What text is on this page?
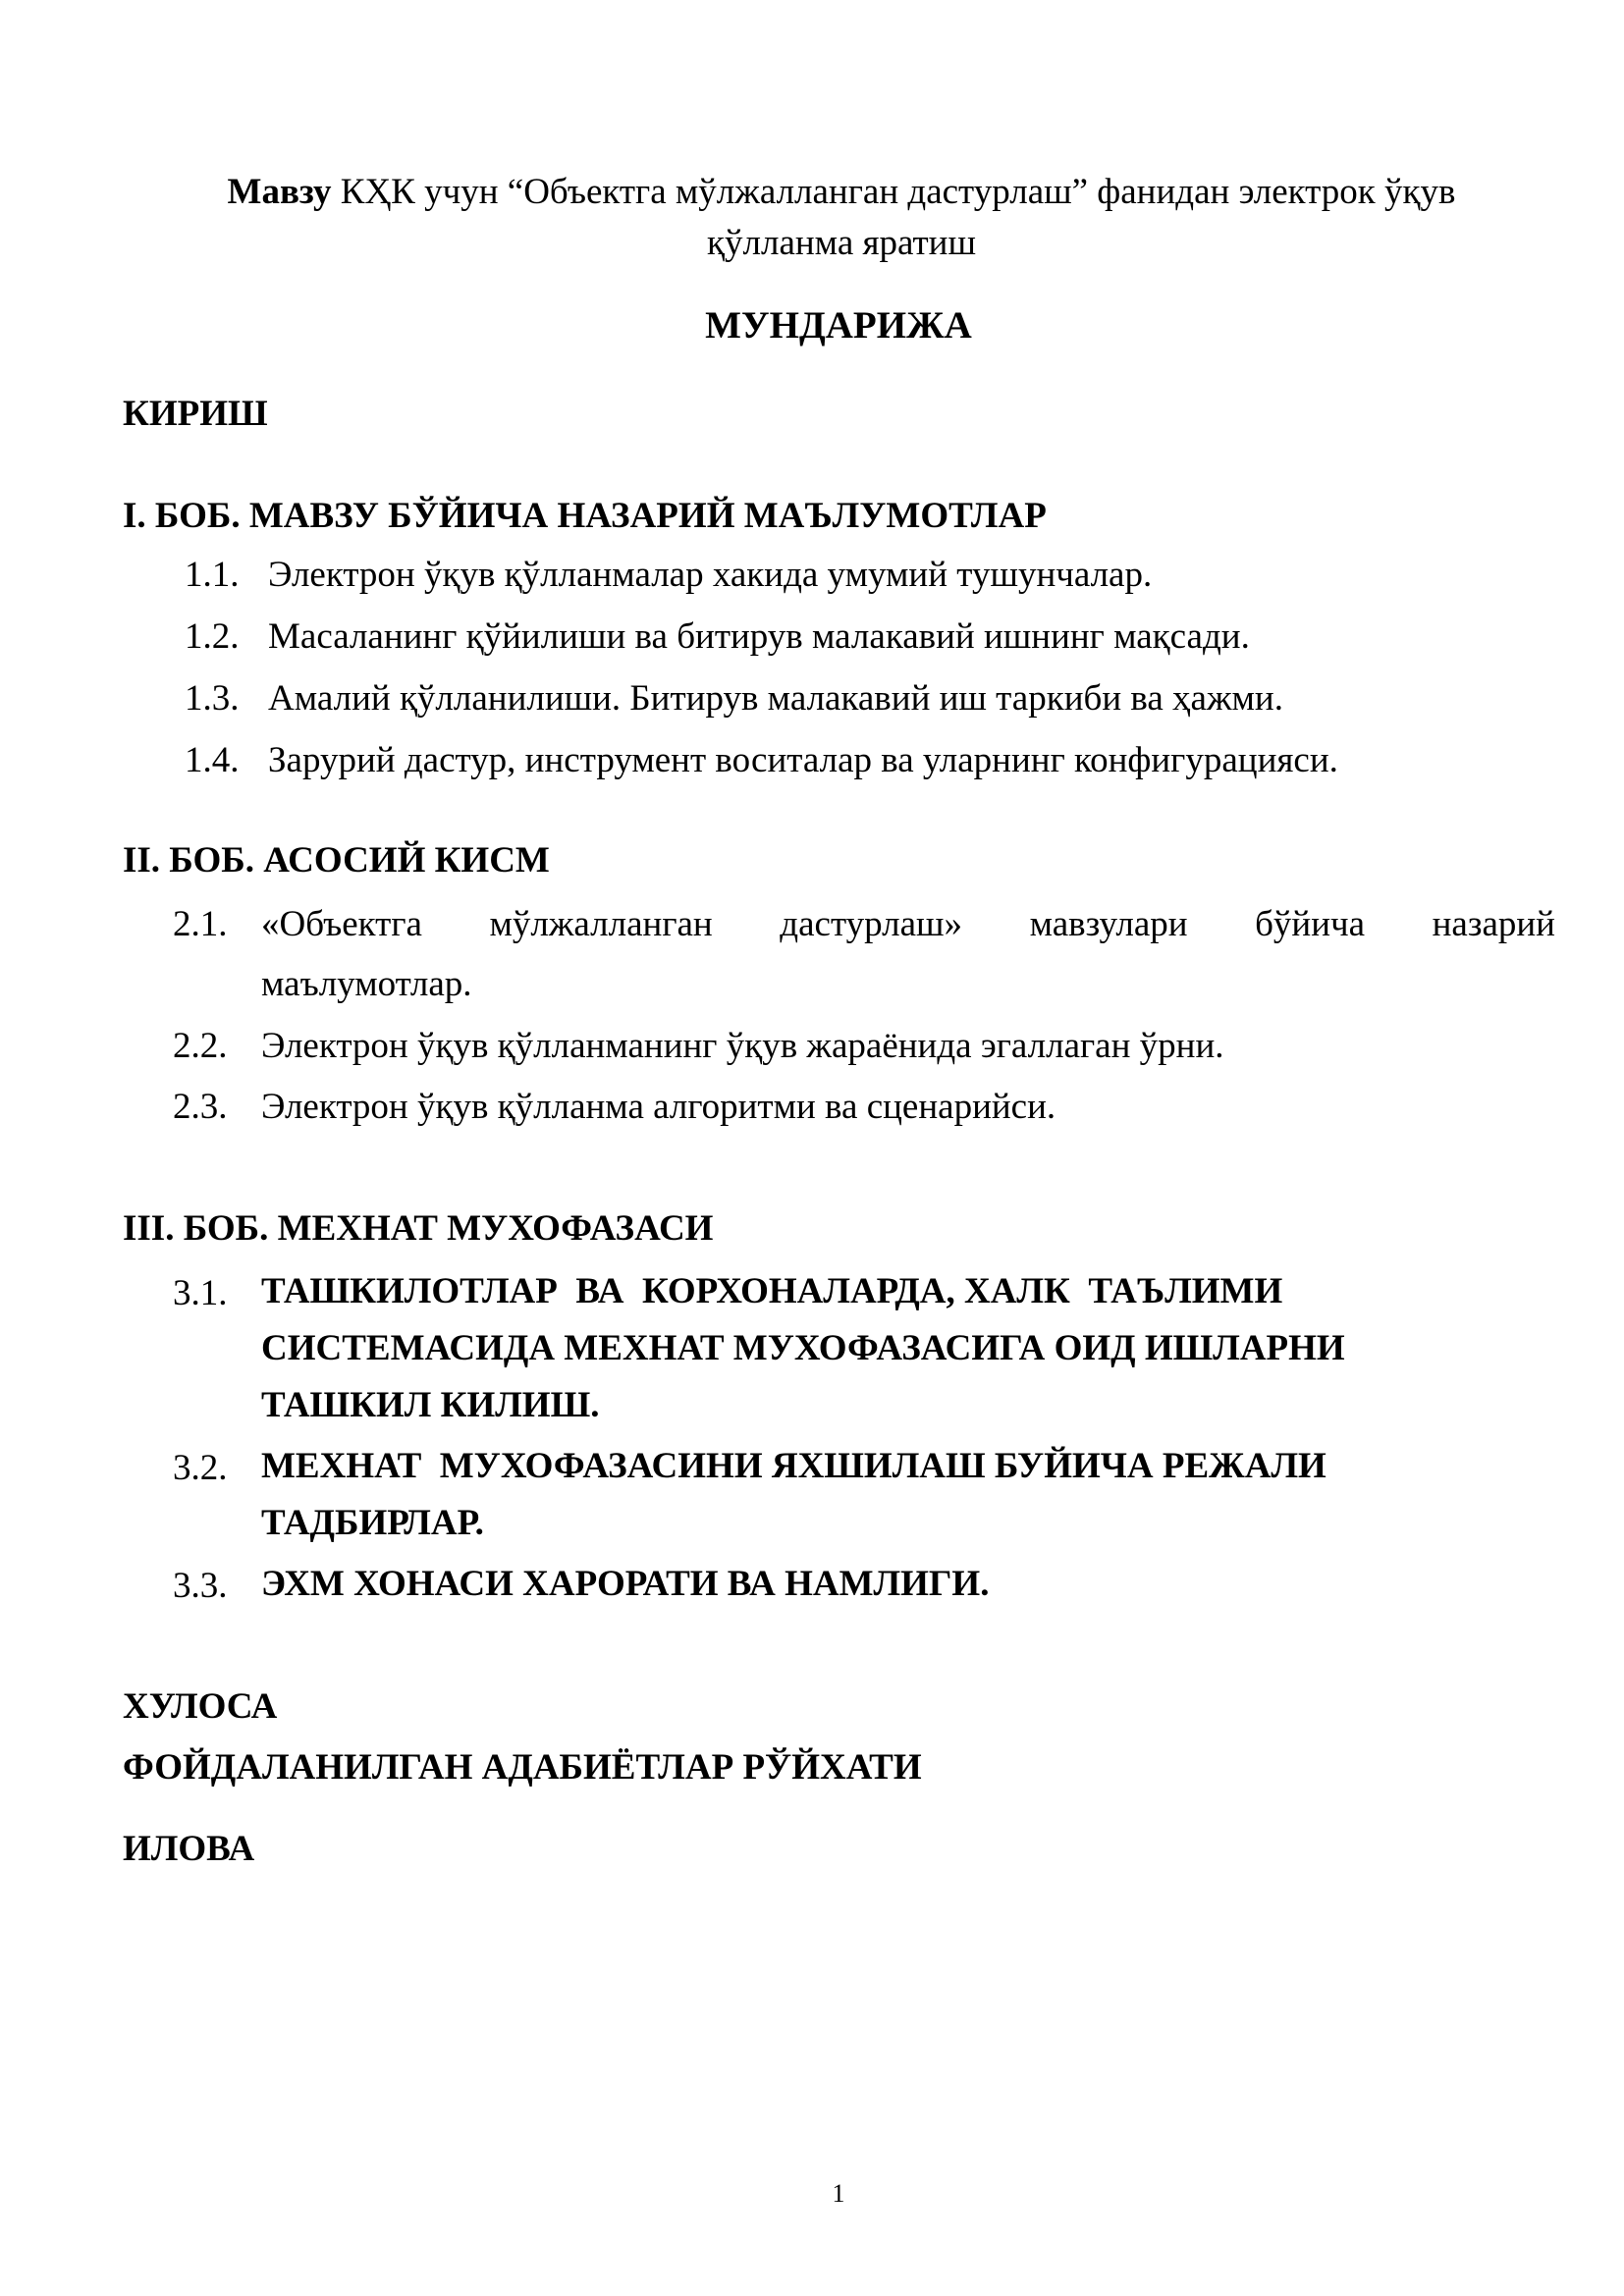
Мавзу КҲК учун “Объектга мўлжалланган дастурлаш” фанидан электрок ўқув қўлланма яратиш
МУНДАРИЖА
КИРИШ
I. БОБ. МАВЗУ БЎЙИЧА НАЗАРИЙ МАЪЛУМОТЛАР
1.1. Электрон ўқув қўлланмалар хакида умумий тушунчалар.
1.2. Масаланинг қўйилиши ва битирув малакавий ишнинг мақсади.
1.3. Амалий қўлланилиши. Битирув малакавий иш таркиби ва ҳажми.
1.4. Зарурий дастур, инструмент воситалар ва уларнинг конфигурацияси.
II. БОБ. АСОСИЙ КИСМ
2.1. «Объектга мўлжалланган дастурлаш» мавзулари бўйича назарий
маълумотлар.
2.2. Электрон ўқув қўлланманинг ўқув жараёнида эгаллаган ўрни.
2.3. Электрон ўқув қўлланма алгоритми ва сценарийси.
III. БОБ. МЕХНАТ МУХОФАЗАСИ
3.1. ТАШКИЛОТЛАР  ВА  КОРХОНАЛАРДА, ХАЛК  ТАЪЛИМИ
СИСТЕМАСИДА МЕХНАТ МУХОФАЗАСИГА ОИД ИШЛАРНИ
ТАШКИЛ КИЛИШ.
3.2. МЕХНАТ  МУХОФАЗАСИНИ ЯХШИЛАШ БУЙИЧА РЕЖАЛИ
ТАДБИРЛАР.
3.3. ЭХМ ХОНАСИ ХАРОРАТИ ВА НАМЛИГИ.
ХУЛОСА
ФОЙДАЛАНИЛГАН АДАБИЁТЛАР РЎЙХАТИ
ИЛОВА
1
